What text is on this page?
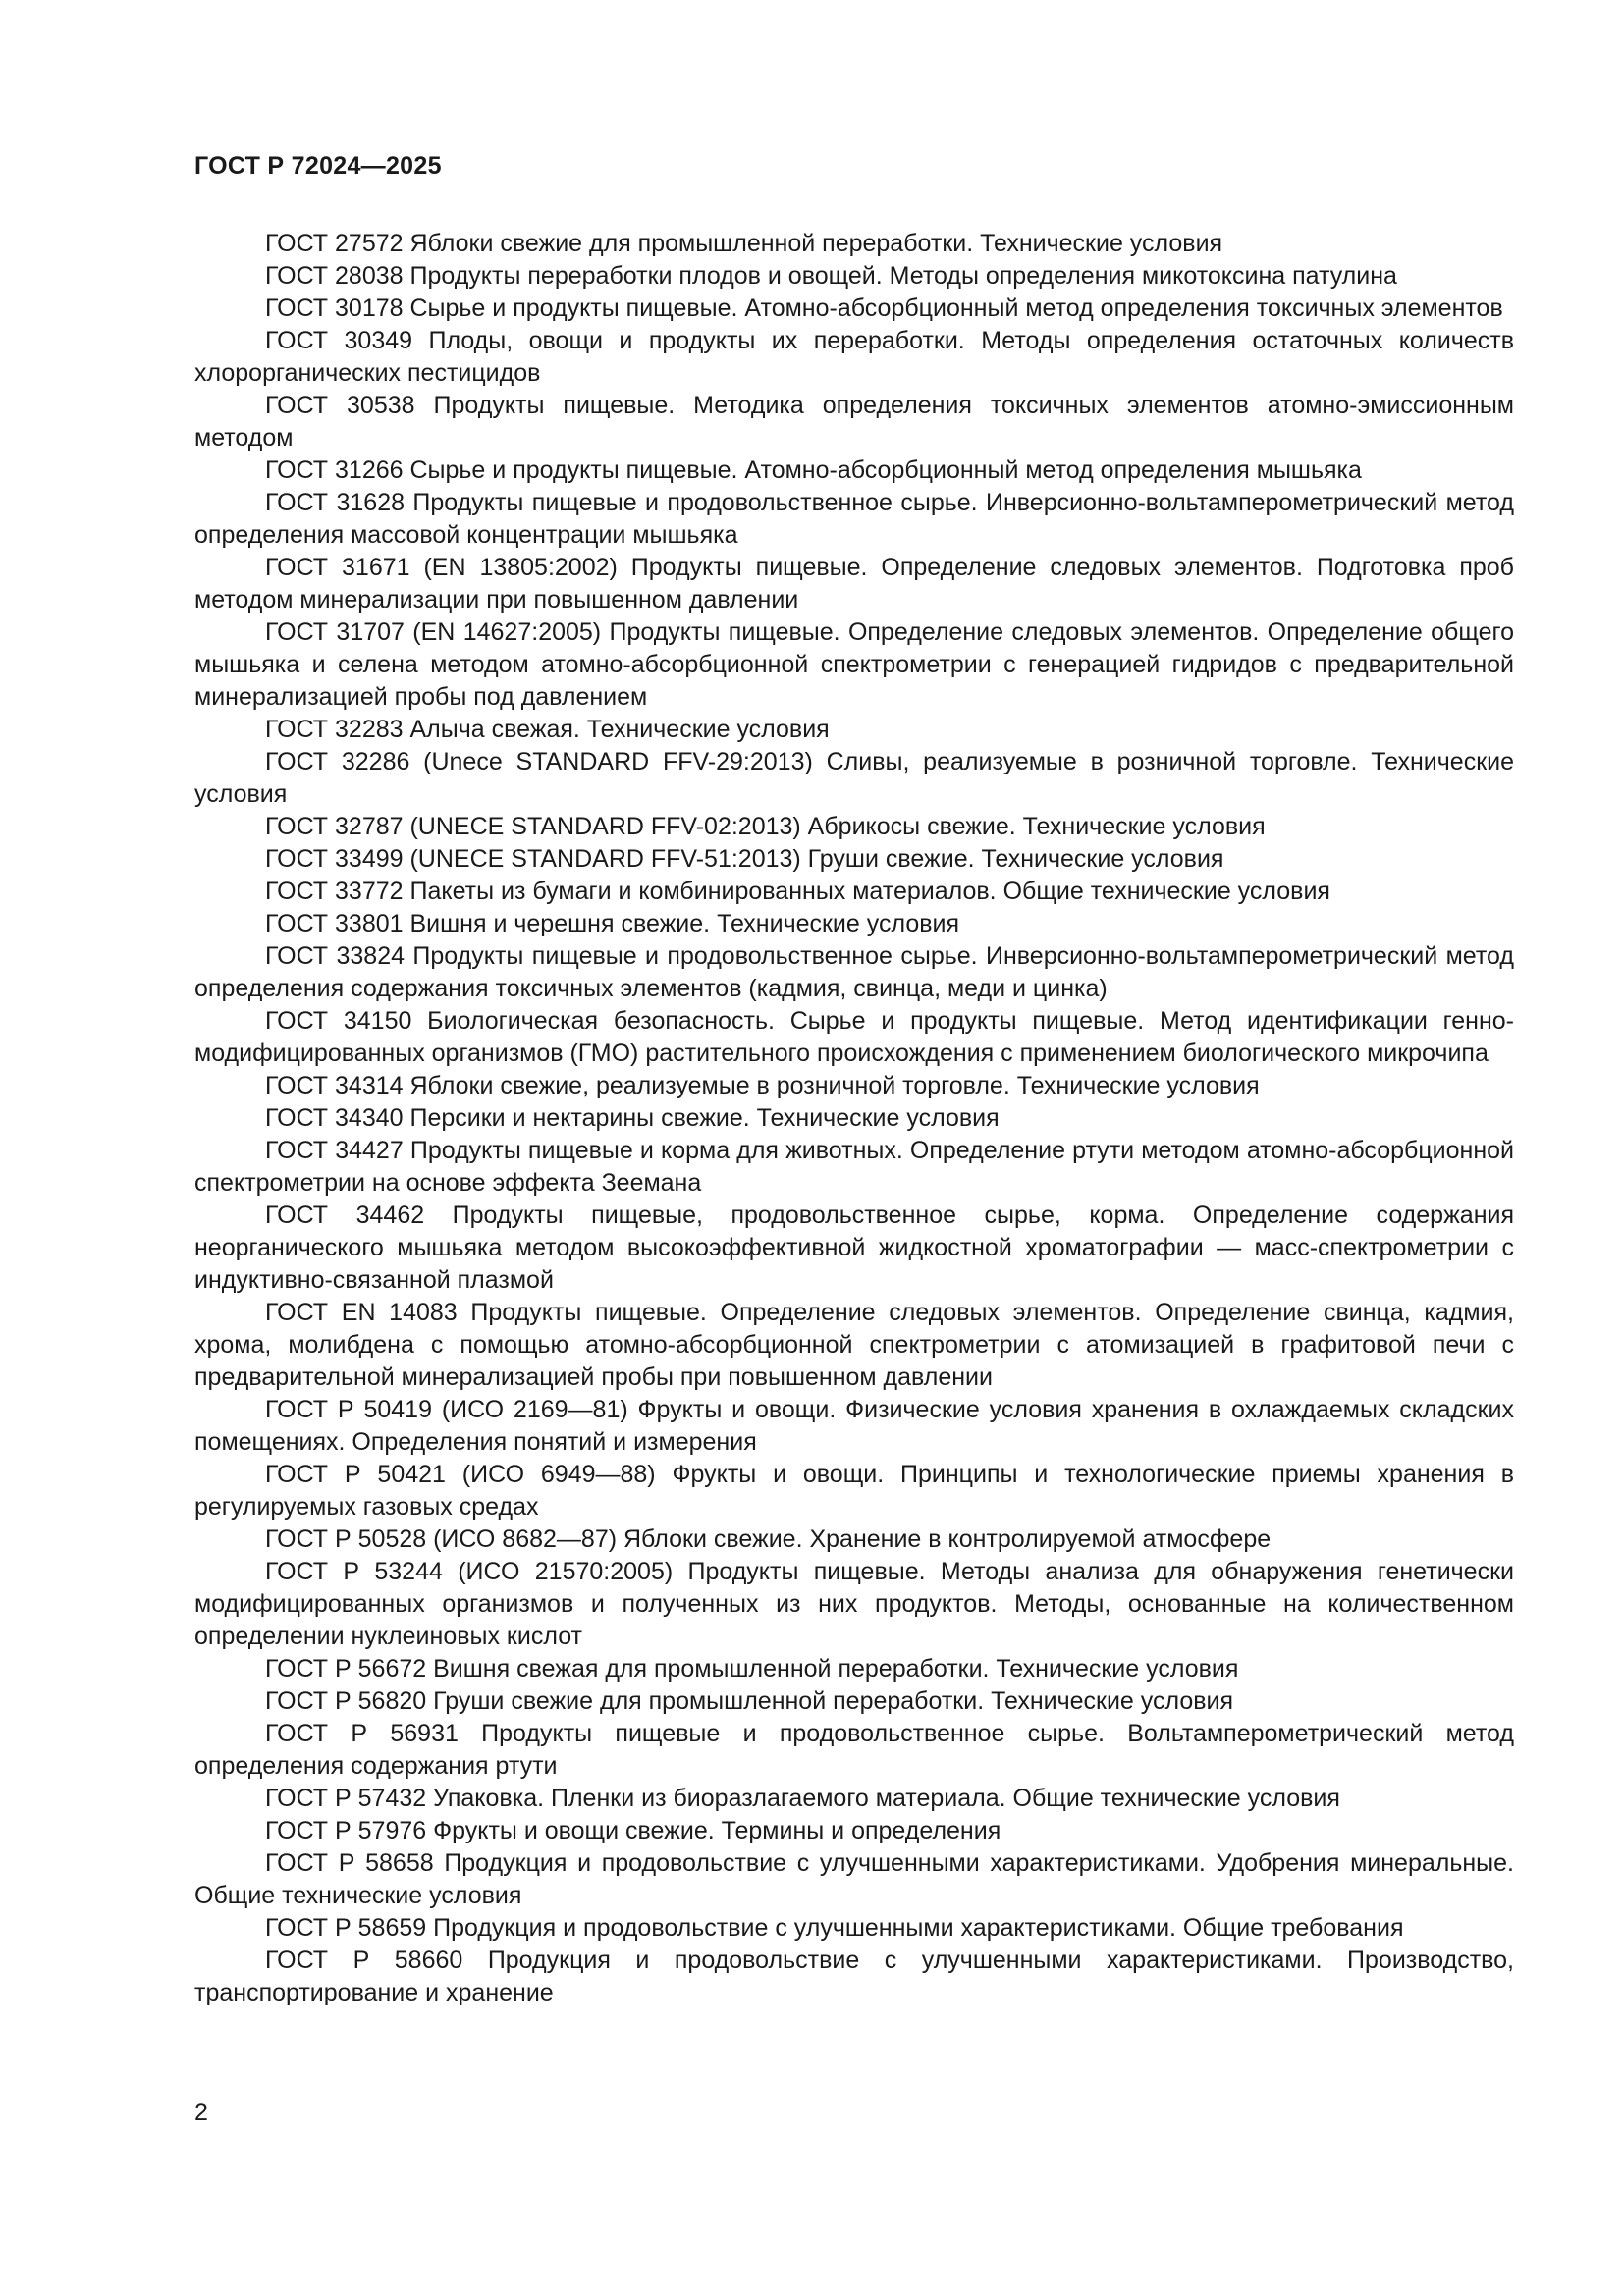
ГОСТ Р 72024—2025
ГОСТ 27572 Яблоки свежие для промышленной переработки. Технические условия
ГОСТ 28038 Продукты переработки плодов и овощей. Методы определения микотоксина патулина
ГОСТ 30178 Сырье и продукты пищевые. Атомно-абсорбционный метод определения токсичных элементов
ГОСТ 30349 Плоды, овощи и продукты их переработки. Методы определения остаточных количеств хлорорганических пестицидов
ГОСТ 30538 Продукты пищевые. Методика определения токсичных элементов атомно-эмиссионным методом
ГОСТ 31266 Сырье и продукты пищевые. Атомно-абсорбционный метод определения мышьяка
ГОСТ 31628 Продукты пищевые и продовольственное сырье. Инверсионно-вольтамперометрический метод определения массовой концентрации мышьяка
ГОСТ 31671 (EN 13805:2002) Продукты пищевые. Определение следовых элементов. Подготовка проб методом минерализации при повышенном давлении
ГОСТ 31707 (EN 14627:2005) Продукты пищевые. Определение следовых элементов. Определение общего мышьяка и селена методом атомно-абсорбционной спектрометрии с генерацией гидридов с предварительной минерализацией пробы под давлением
ГОСТ 32283 Алыча свежая. Технические условия
ГОСТ 32286 (Unece STANDARD FFV-29:2013) Сливы, реализуемые в розничной торговле. Технические условия
ГОСТ 32787 (UNECE STANDARD FFV-02:2013) Абрикосы свежие. Технические условия
ГОСТ 33499 (UNECE STANDARD FFV-51:2013) Груши свежие. Технические условия
ГОСТ 33772 Пакеты из бумаги и комбинированных материалов. Общие технические условия
ГОСТ 33801 Вишня и черешня свежие. Технические условия
ГОСТ 33824 Продукты пищевые и продовольственное сырье. Инверсионно-вольтамперометрический метод определения содержания токсичных элементов (кадмия, свинца, меди и цинка)
ГОСТ 34150 Биологическая безопасность. Сырье и продукты пищевые. Метод идентификации генно-модифицированных организмов (ГМО) растительного происхождения с применением биологического микрочипа
ГОСТ 34314 Яблоки свежие, реализуемые в розничной торговле. Технические условия
ГОСТ 34340 Персики и нектарины свежие. Технические условия
ГОСТ 34427 Продукты пищевые и корма для животных. Определение ртути методом атомно-абсорбционной спектрометрии на основе эффекта Зеемана
ГОСТ 34462 Продукты пищевые, продовольственное сырье, корма. Определение содержания неорганического мышьяка методом высокоэффективной жидкостной хроматографии — масс-спектрометрии с индуктивно-связанной плазмой
ГОСТ EN 14083 Продукты пищевые. Определение следовых элементов. Определение свинца, кадмия, хрома, молибдена с помощью атомно-абсорбционной спектрометрии с атомизацией в графитовой печи с предварительной минерализацией пробы при повышенном давлении
ГОСТ Р 50419 (ИСО 2169—81) Фрукты и овощи. Физические условия хранения в охлаждаемых складских помещениях. Определения понятий и измерения
ГОСТ Р 50421 (ИСО 6949—88) Фрукты и овощи. Принципы и технологические приемы хранения в регулируемых газовых средах
ГОСТ Р 50528 (ИСО 8682—87) Яблоки свежие. Хранение в контролируемой атмосфере
ГОСТ Р 53244 (ИСО 21570:2005) Продукты пищевые. Методы анализа для обнаружения генетически модифицированных организмов и полученных из них продуктов. Методы, основанные на количественном определении нуклеиновых кислот
ГОСТ Р 56672 Вишня свежая для промышленной переработки. Технические условия
ГОСТ Р 56820 Груши свежие для промышленной переработки. Технические условия
ГОСТ Р 56931 Продукты пищевые и продовольственное сырье. Вольтамперометрический метод определения содержания ртути
ГОСТ Р 57432 Упаковка. Пленки из биоразлагаемого материала. Общие технические условия
ГОСТ Р 57976 Фрукты и овощи свежие. Термины и определения
ГОСТ Р 58658 Продукция и продовольствие с улучшенными характеристиками. Удобрения минеральные. Общие технические условия
ГОСТ Р 58659 Продукция и продовольствие с улучшенными характеристиками. Общие требования
ГОСТ Р 58660 Продукция и продовольствие с улучшенными характеристиками. Производство, транспортирование и хранение
2
